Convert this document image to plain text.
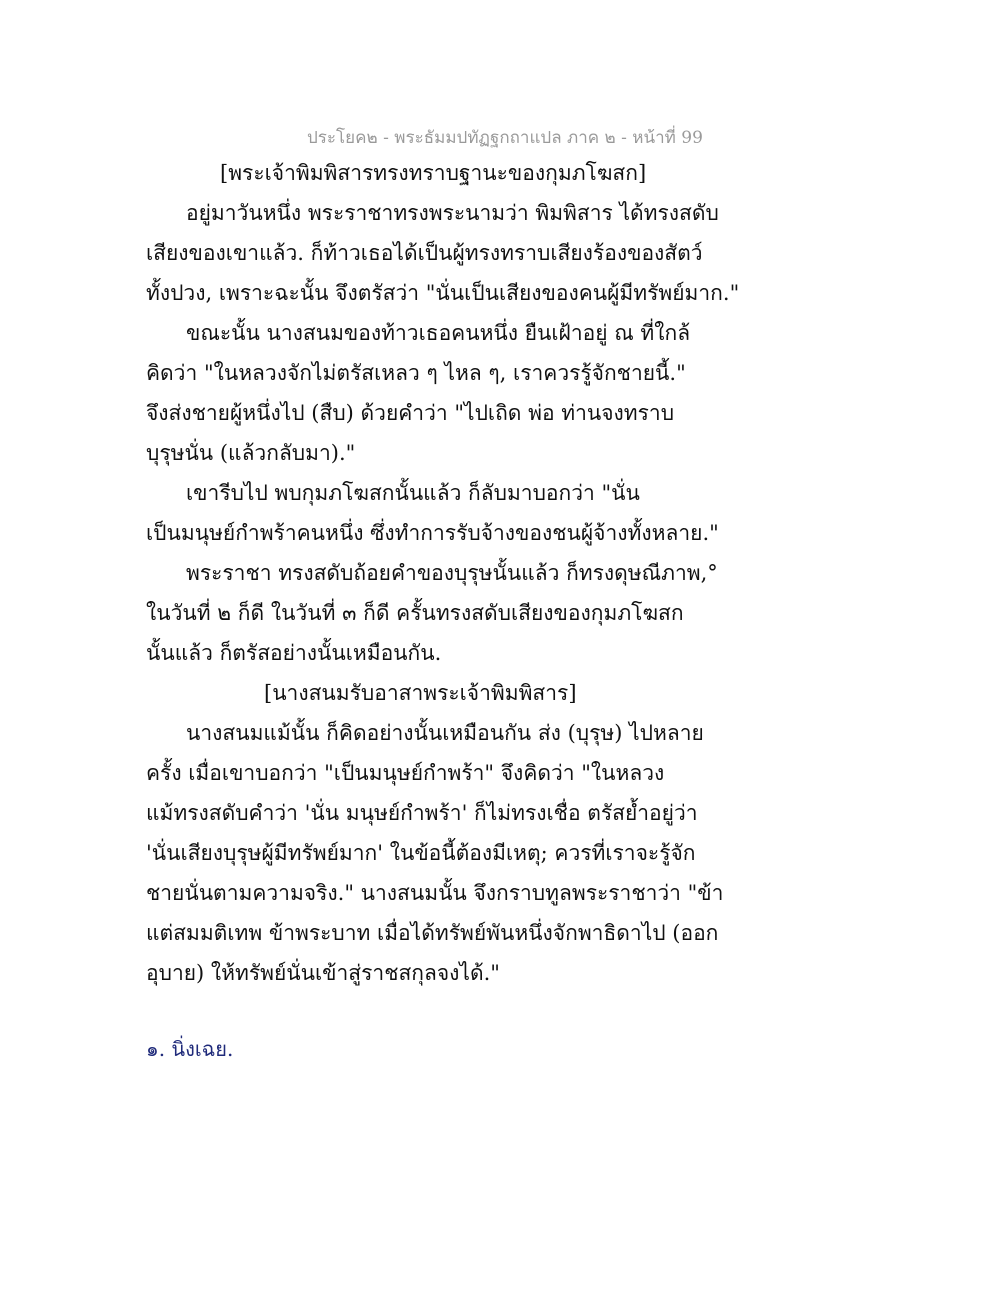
ประโยค๒ - พระธัมมปทัฏฐกถาแปล ภาค ๒ - หน้าที่ 99
[พระเจ้าพิมพิสารทรงทราบฐานะของกุมภโฆสก]
อยู่มาวันหนึ่ง พระราชาทรงพระนามว่า พิมพิสาร ได้ทรงสดับ
เสียงของเขาแล้ว. ก็ท้าวเธอได้เป็นผู้ทรงทราบเสียงร้องของสัตว์
ทั้งปวง, เพราะฉะนั้น จึงตรัสว่า "นั่นเป็นเสียงของคนผู้มีทรัพย์มาก."
ขณะนั้น นางสนมของท้าวเธอคนหนึ่ง ยืนเฝ้าอยู่ ณ ที่ใกล้
คิดว่า "ในหลวงจักไม่ตรัสเหลว ๆ ไหล ๆ, เราควรรู้จักชายนี้."
จึงส่งชายผู้หนึ่งไป (สืบ) ด้วยคำว่า "ไปเถิด พ่อ ท่านจงทราบ
บุรุษนั่น (แล้วกลับมา)."
เขารีบไป พบกุมภโฆสกนั้นแล้ว ก็ลับมาบอกว่า "นั่น
เป็นมนุษย์กำพร้าคนหนึ่ง ซึ่งทำการรับจ้างของชนผู้จ้างทั้งหลาย."
พระราชา ทรงสดับถ้อยคำของบุรุษนั้นแล้ว ก็ทรงดุษณีภาพ,°
ในวันที่ ๒ ก็ดี ในวันที่ ๓ ก็ดี ครั้นทรงสดับเสียงของกุมภโฆสก
นั้นแล้ว ก็ตรัสอย่างนั้นเหมือนกัน.
[นางสนมรับอาสาพระเจ้าพิมพิสาร]
นางสนมแม้นั้น ก็คิดอย่างนั้นเหมือนกัน ส่ง (บุรุษ) ไปหลาย
ครั้ง เมื่อเขาบอกว่า "เป็นมนุษย์กำพร้า" จึงคิดว่า "ในหลวง
แม้ทรงสดับคำว่า 'นั่น มนุษย์กำพร้า' ก็ไม่ทรงเชื่อ ตรัสย้ำอยู่ว่า
'นั่นเสียงบุรุษผู้มีทรัพย์มาก' ในข้อนี้ต้องมีเหตุ; ควรที่เราจะรู้จัก
ชายนั่นตามความจริง." นางสนมนั้น จึงกราบทูลพระราชาว่า "ข้า
แต่สมมติเทพ ข้าพระบาท เมื่อได้ทรัพย์พันหนึ่งจักพาธิดาไป (ออก
อุบาย) ให้ทรัพย์นั่นเข้าสู่ราชสกุลจงได้."
๑. นิ่งเฉย.
